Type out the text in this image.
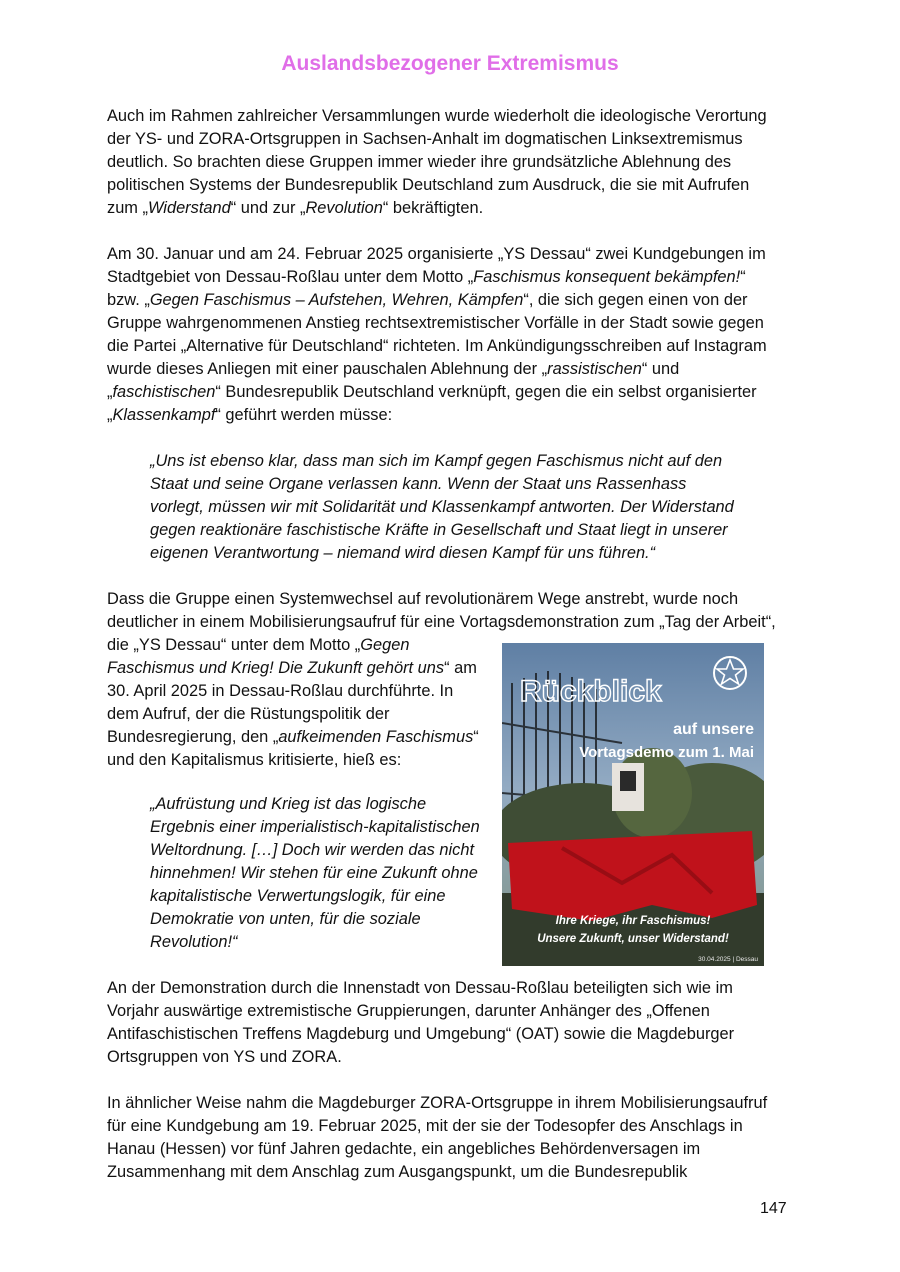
Auslandsbezogener Extremismus

Auch im Rahmen zahlreicher Versammlungen wurde wiederholt die ideologische Verortung
der YS- und ZORA-Ortsgruppen in Sachsen-Anhalt im dogmatischen Linksextremismus
deutlich. So brachten diese Gruppen immer wieder ihre grundsätzliche Ablehnung des
politischen Systems der Bundesrepublik Deutschland zum Ausdruck, die sie mit Aufrufen
zum „Widerstand“ und zur „Revolution“ bekräftigten.

Am 30. Januar und am 24. Februar 2025 organisierte „YS Dessau“ zwei Kundgebungen im
Stadtgebiet von Dessau-Roßlau unter dem Motto „Faschismus konsequent bekämpfen!“
bzw. „Gegen Faschismus – Aufstehen, Wehren, Kämpfen“, die sich gegen einen von der
Gruppe wahrgenommenen Anstieg rechtsextremistischer Vorfälle in der Stadt sowie gegen
die Partei „Alternative für Deutschland“ richteten. Im Ankündigungsschreiben auf Instagram
wurde dieses Anliegen mit einer pauschalen Ablehnung der „rassistischen“ und
„faschistischen“ Bundesrepublik Deutschland verknüpft, gegen die ein selbst organisierter
„Klassenkampf“ geführt werden müsse:

„Uns ist ebenso klar, dass man sich im Kampf gegen Faschismus nicht auf den
Staat und seine Organe verlassen kann. Wenn der Staat uns Rassenhass
vorlegt, müssen wir mit Solidarität und Klassenkampf antworten. Der Widerstand
gegen reaktionäre faschistische Kräfte in Gesellschaft und Staat liegt in unserer
eigenen Verantwortung – niemand wird diesen Kampf für uns führen.“

Dass die Gruppe einen Systemwechsel auf revolutionärem Wege anstrebt, wurde noch
deutlicher in einem Mobilisierungsaufruf für eine Vortagsdemonstration zum „Tag der Arbeit“,
die „YS Dessau“ unter dem Motto „Gegen
Faschismus und Krieg! Die Zukunft gehört uns“ am
30. April 2025 in Dessau-Roßlau durchführte. In
dem Aufruf, der die Rüstungspolitik der
Bundesregierung, den „aufkeimenden Faschismus“
und den Kapitalismus kritisierte, hieß es:

„Aufrüstung und Krieg ist das logische
Ergebnis einer imperialistisch-kapitalistischen
Weltordnung. […] Doch wir werden das nicht
hinnehmen! Wir stehen für eine Zukunft ohne
kapitalistische Verwertungslogik, für eine
Demokratie von unten, für die soziale
Revolution!“
Rückblick
auf unsere
Vortagsdemo zum 1. Mai
Ihre Kriege, ihr Faschismus!
Unsere Zukunft, unser Widerstand!
30.04.2025 | Dessau

An der Demonstration durch die Innenstadt von Dessau-Roßlau beteiligten sich wie im
Vorjahr auswärtige extremistische Gruppierungen, darunter Anhänger des „Offenen
Antifaschistischen Treffens Magdeburg und Umgebung“ (OAT) sowie die Magdeburger
Ortsgruppen von YS und ZORA.

In ähnlicher Weise nahm die Magdeburger ZORA-Ortsgruppe in ihrem Mobilisierungsaufruf
für eine Kundgebung am 19. Februar 2025, mit der sie der Todesopfer des Anschlags in
Hanau (Hessen) vor fünf Jahren gedachte, ein angebliches Behördenversagen im
Zusammenhang mit dem Anschlag zum Ausgangspunkt, um die Bundesrepublik

147
